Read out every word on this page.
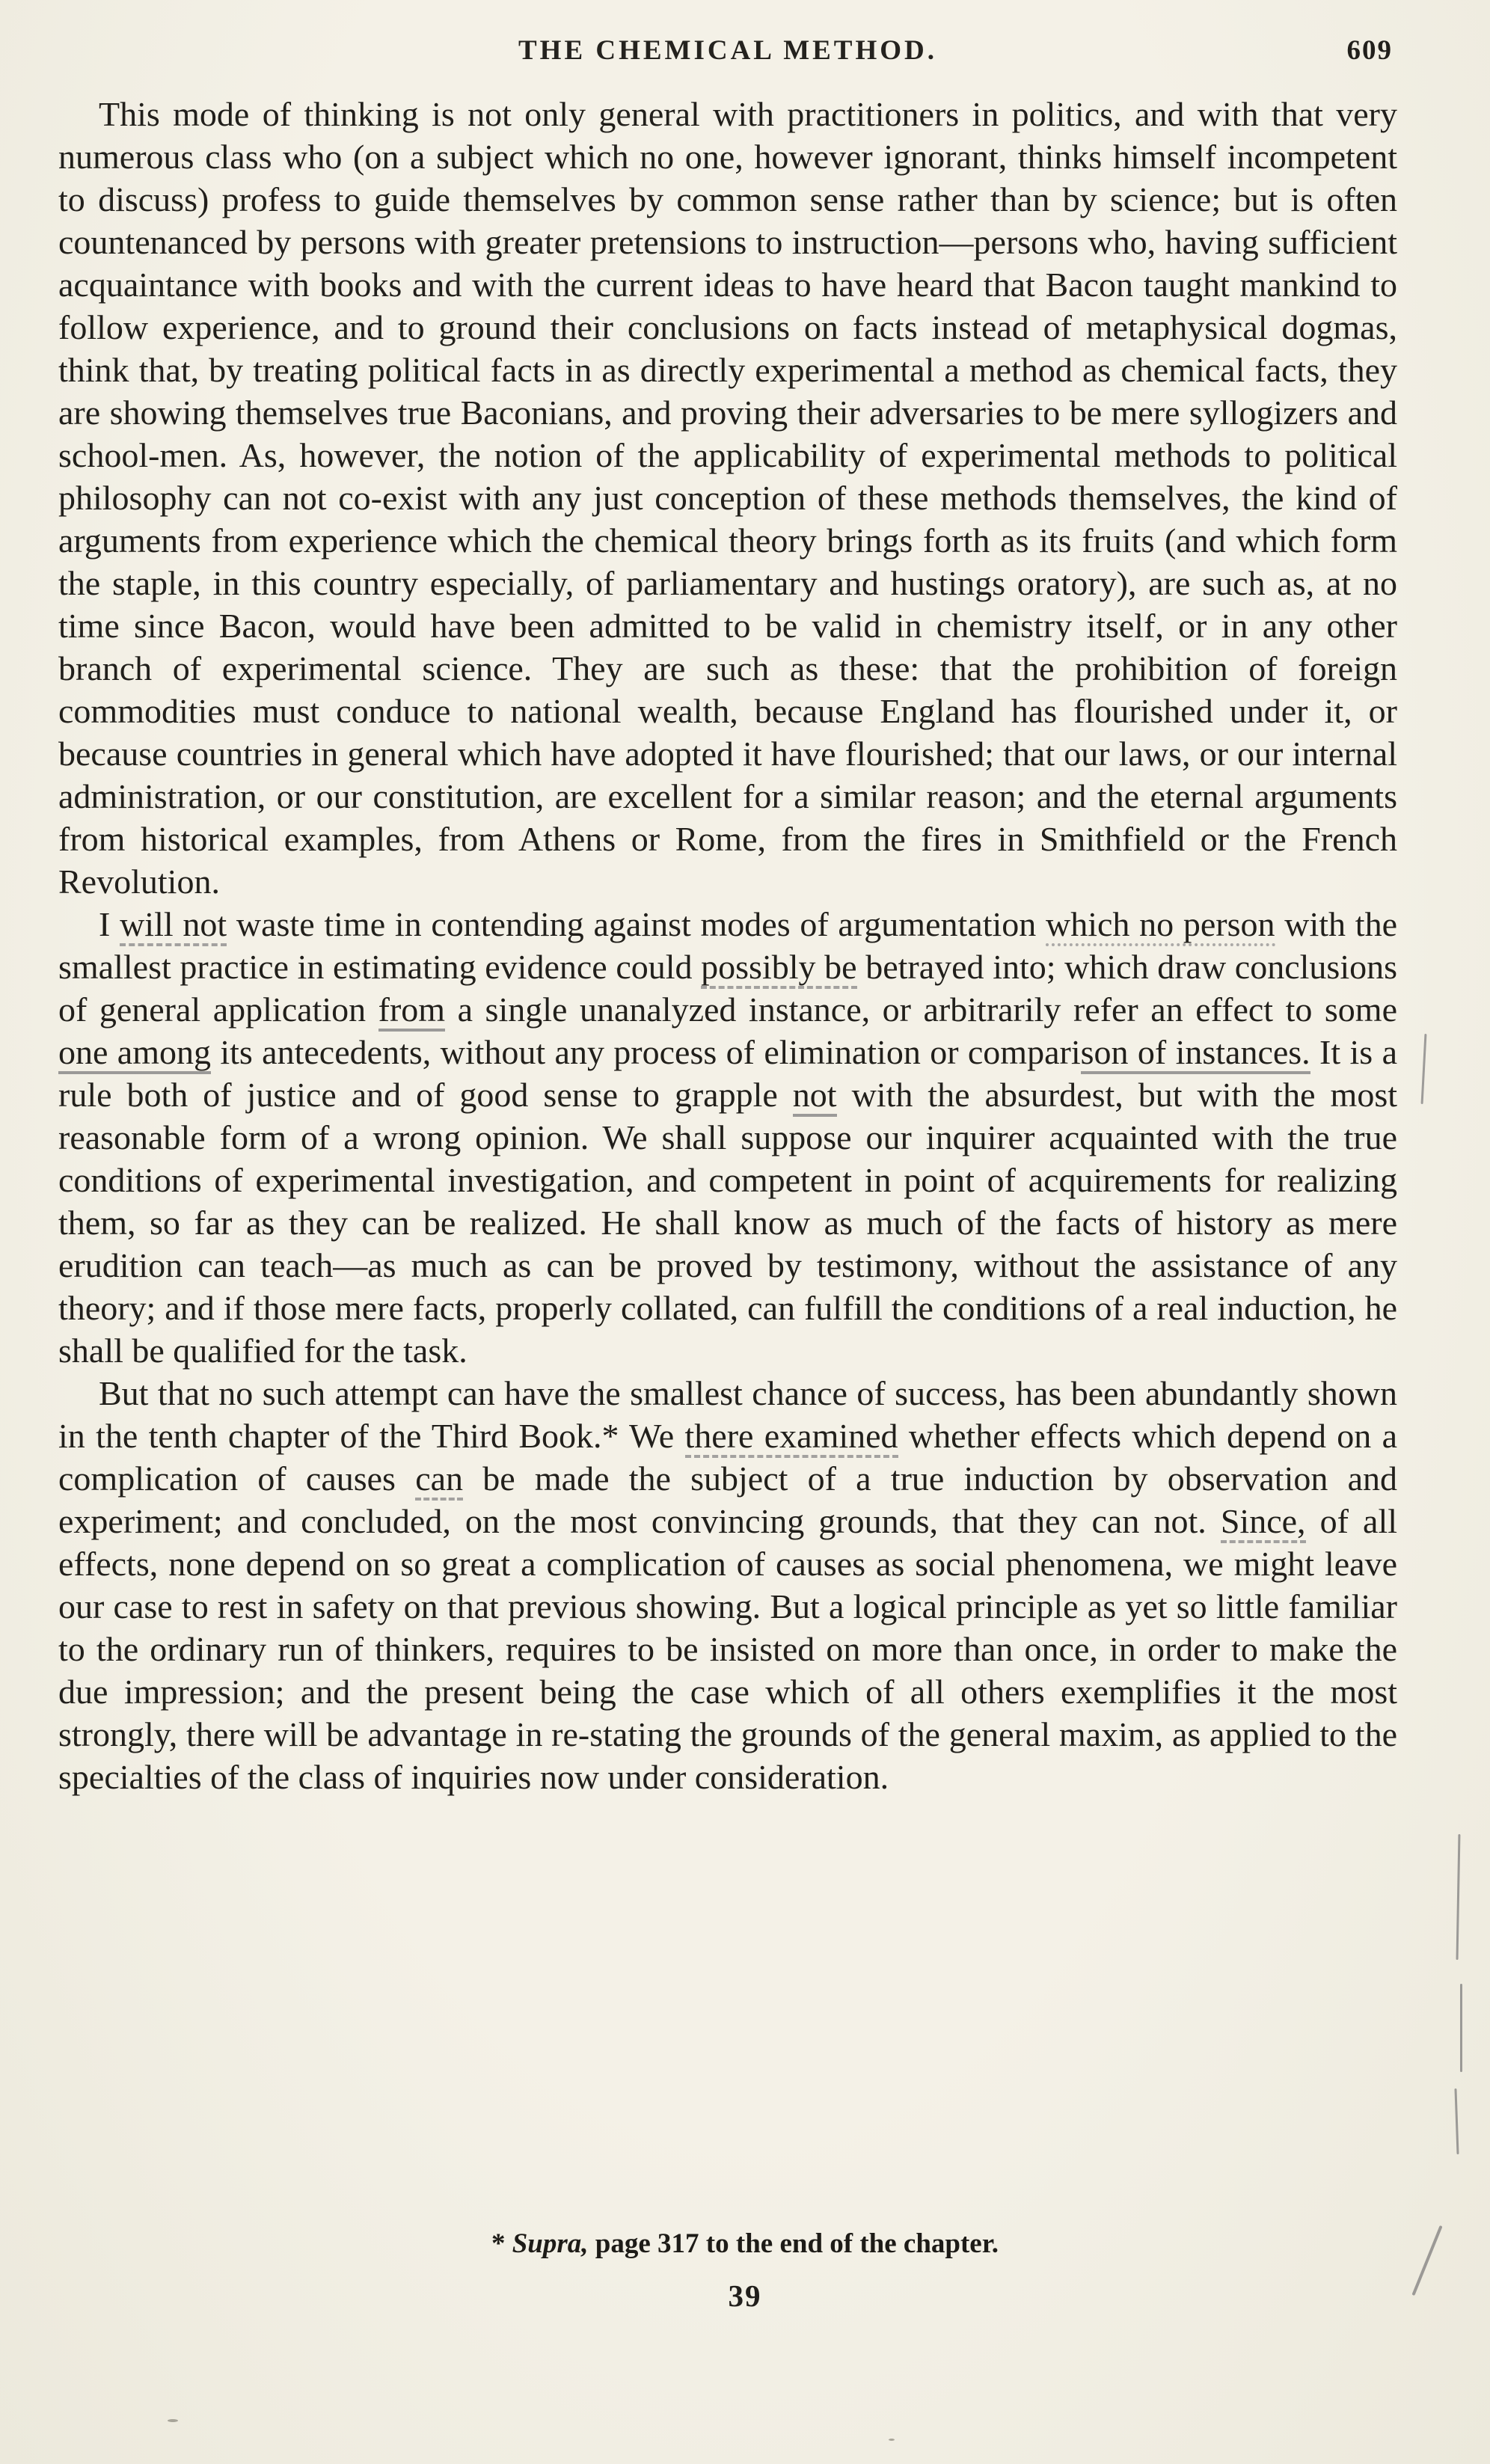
THE CHEMICAL METHOD.	609

This mode of thinking is not only general with practitioners in politics, and with that very numerous class who (on a subject which no one, however ignorant, thinks himself incompetent to discuss) profess to guide themselves by common sense rather than by science; but is often countenanced by persons with greater pretensions to instruction—persons who, having sufficient acquaintance with books and with the current ideas to have heard that Bacon taught mankind to follow experience, and to ground their conclusions on facts instead of metaphysical dogmas, think that, by treating political facts in as directly experimental a method as chemical facts, they are showing themselves true Baconians, and proving their adversaries to be mere syllogizers and school-men. As, however, the notion of the applicability of experimental methods to political philosophy can not co-exist with any just conception of these methods themselves, the kind of arguments from experience which the chemical theory brings forth as its fruits (and which form the staple, in this country especially, of parliamentary and hustings oratory), are such as, at no time since Bacon, would have been admitted to be valid in chemistry itself, or in any other branch of experimental science. They are such as these: that the prohibition of foreign commodities must conduce to national wealth, because England has flourished under it, or because countries in general which have adopted it have flourished; that our laws, or our internal administration, or our constitution, are excellent for a similar reason; and the eternal arguments from historical examples, from Athens or Rome, from the fires in Smithfield or the French Revolution.

I will not waste time in contending against modes of argumentation which no person with the smallest practice in estimating evidence could possibly be betrayed into; which draw conclusions of general application from a single unanalyzed instance, or arbitrarily refer an effect to some one among its antecedents, without any process of elimination or comparison of instances. It is a rule both of justice and of good sense to grapple not with the absurdest, but with the most reasonable form of a wrong opinion. We shall suppose our inquirer acquainted with the true conditions of experimental investigation, and competent in point of acquirements for realizing them, so far as they can be realized. He shall know as much of the facts of history as mere erudition can teach—as much as can be proved by testimony, without the assistance of any theory; and if those mere facts, properly collated, can fulfill the conditions of a real induction, he shall be qualified for the task.

But that no such attempt can have the smallest chance of success, has been abundantly shown in the tenth chapter of the Third Book.* We there examined whether effects which depend on a complication of causes can be made the subject of a true induction by observation and experiment; and concluded, on the most convincing grounds, that they can not. Since, of all effects, none depend on so great a complication of causes as social phenomena, we might leave our case to rest in safety on that previous showing. But a logical principle as yet so little familiar to the ordinary run of thinkers, requires to be insisted on more than once, in order to make the due impression; and the present being the case which of all others exemplifies it the most strongly, there will be advantage in re-stating the grounds of the general maxim, as applied to the specialties of the class of inquiries now under consideration.

* Supra, page 317 to the end of the chapter.

39
